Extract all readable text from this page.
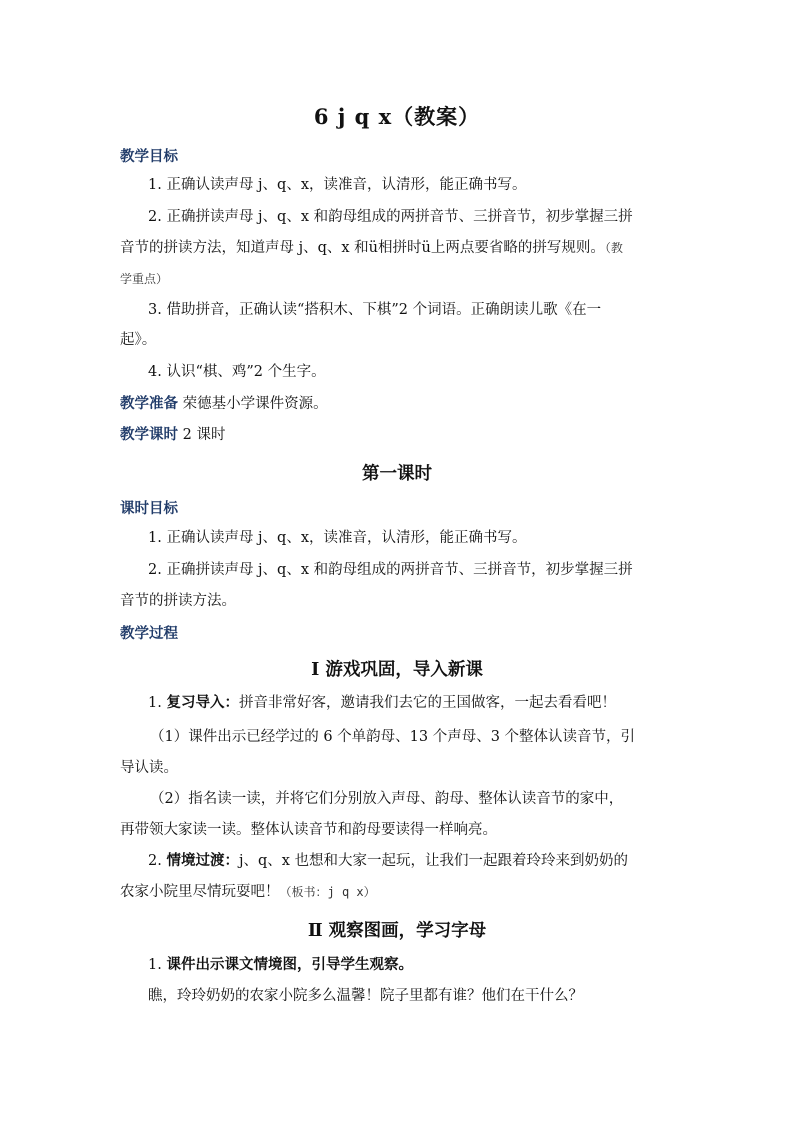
6 j q x（教案）
教学目标
1. 正确认读声母 j、q、x，读准音，认清形，能正确书写。
2. 正确拼读声母 j、q、x 和韵母组成的两拼音节、三拼音节，初步掌握三拼
音节的拼读方法，知道声母 j、q、x 和ü相拼时ü上两点要省略的拼写规则。（教
学重点）
3. 借助拼音，正确认读“搭积木、下棋”2 个词语。正确朗读儿歌《在一
起》。
4. 认识“棋、鸡”2 个生字。
教学准备 荣德基小学课件资源。
教学课时 2 课时
第一课时
课时目标
1. 正确认读声母 j、q、x，读准音，认清形，能正确书写。
2. 正确拼读声母 j、q、x 和韵母组成的两拼音节、三拼音节，初步掌握三拼
音节的拼读方法。
教学过程
Ⅰ 游戏巩固，导入新课
1. 复习导入：拼音非常好客，邀请我们去它的王国做客，一起去看看吧！
（1）课件出示已经学过的 6 个单韵母、13 个声母、3 个整体认读音节，引
导认读。
（2）指名读一读，并将它们分别放入声母、韵母、整体认读音节的家中，
再带领大家读一读。整体认读音节和韵母要读得一样响亮。
2. 情境过渡：j、q、x 也想和大家一起玩，让我们一起跟着玲玲来到奶奶的
农家小院里尽情玩耍吧！（板书：j q x）
Ⅱ 观察图画，学习字母
1. 课件出示课文情境图，引导学生观察。
瞧，玲玲奶奶的农家小院多么温馨！院子里都有谁？他们在干什么？
